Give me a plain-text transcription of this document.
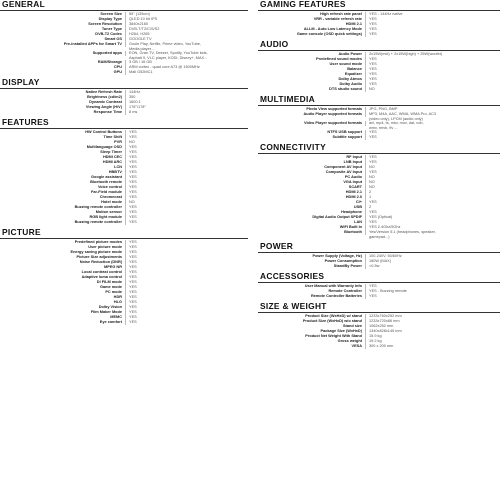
GENERAL
Screen Size	55" (139cm)
Display Type	QLED 10 bit IPS
Screen Resolution	3840x2160
Tuner Type	DVB-T/T2/C/S/S2
DVB-T2 Codec	H264, H265
Smart OS	GOOGLE TV
Pre-installed APPs for Smart TV	Goole Play, Netflix, Prime video, YouTube,
Media player...
Supported apps	EON, Gran TV, Deezer, Spotify, YouTube kids,
Asphalt 9, VLC player, KODI, Disney+, MAX...
RAM/Storage	3 GB / 16 GB
CPU	ARM cortex - quad core A73 @ 1500MHz
GPU	Mali G52MC1
DISPLAY
Native Refresh Rate	144Hz
Brightness (cd/m2)	350
Dynamic Contrast	1600:1
Viewing Angle (H/V)	178°/178°
Response Time	8 ms
FEATURES
HW Control Buttons	YES
Time Shift	YES
PVR	NO
Multilanguage OSD	YES
Sleep Timer	YES
HDMI CEC	YES
HDMI ARC	YES
LCN	YES
HBBTV	YES
Google assistant	YES
Bluetooth remote	YES
Voice control	YES
Far-Field module	YES
Chromecast	YES
Hotel mode	NO
Buzzing remote controller	YES
Motion sensor	YES
RGB light module	YES
Buzzing remote controller	YES
PICTURE
Predefined picture modes	YES
User picture mode	YES
Energy saving picture mode	YES
Picture Size adjustments	YES
Noise Reduction (DNR)	YES
MPEG NR	YES
Local contrast control	YES
Adaptive luma control	YES
DI FILM mode	YES
Game mode	YES
PC mode	YES
HDR	YES
HLG	YES
Dolby Vision	YES
Film Maker Mode	YES
MEMC	YES
Eye comfort	YES
GAMING FEATURES
High refresh rate panel	YES - 144Hz native
VRR - variable refresh rate	YES
HDMI 2.1	YES
ALLM - Auto Low Latency Mode	YES
Game console (OSD quick settings)	YES
AUDIO
Audio Power	2x15W(mid) + 2x15W(high) + 25W(woofer)
Predefined sound modes	YES
User sound mode	YES
Balance	YES
Equalizer	YES
Dolby Atmos	YES
Dolby Audio	YES
DTS studio sound	NO
MULTIMEDIA
Photo View supported formats	JPG, PNG, BMP
Audio Player supported formats	MP3, M4A, AAC, WMA, WMA Pro, AC3
(video only), LPCM (audio only)
Video Player supported formats	avi, mp4, ts, mkv, mov, dat, vob,
wmv, rmvb, flv ...
NTFS USB support	YES
Subtitle support	YES
CONNECTIVITY
RF Input	YES
LNB Input	YES
Component AV Input	NO
Composite AV Input	YES
PC Audio	NO
VGA Input	NO
SCART	NO
HDMI 2.1	2
HDMI 2.0	1
CI+	YES
USB	2
Headphone	YES
Digital Audio Output SPDIF	YES (Optical)
LAN	YES
WIFI Built In	YES 2.4Ghz/5Ghz
Bluetooth	Yes/Version 5.1 (headphones, speaker,
gamepad...)
POWER
Power Supply (Voltage, Hz)	100-240V, 50/60Hz
Power Consumption	180W (MAX)
StandBy Power	<0.5w
ACCESSORIES
User Manual with Warranty Info	YES
Remote Controller	YES - Buzzing remote
Remote Controller Batteries	YES
SIZE & WEIGHT
Product Size (WxHxD) w/ stand	1233x760x252 mm
Product Size (WxHxD) w/o stand	1233x720x86 mm
Stand size	1062x252 mm
Package Size (WxHxD)	1340x828x145 mm
Product Net Weight With Stand	15.9 kg
Gross weight	19.2 kg
VESA	300 x 200 mm
